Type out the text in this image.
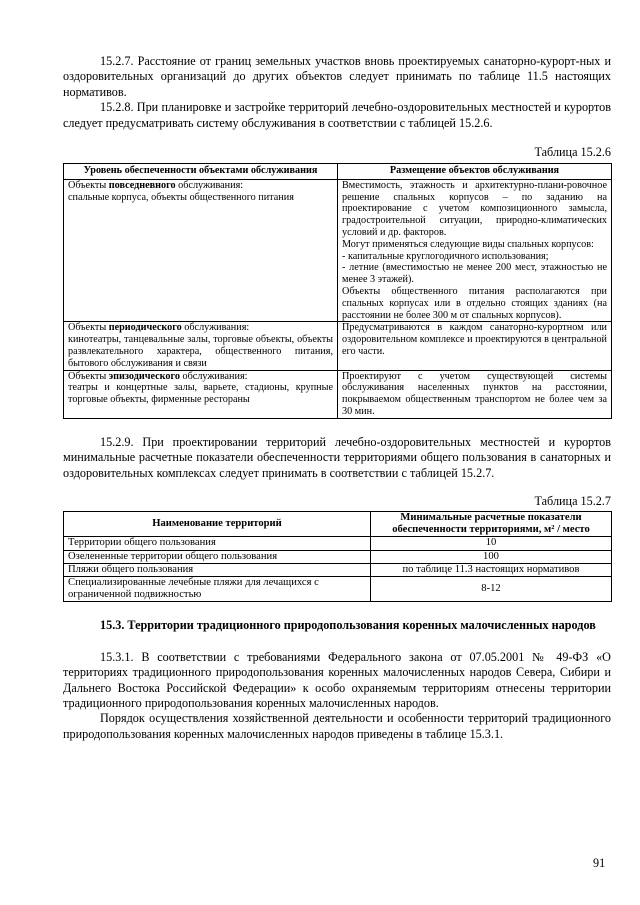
15.2.7. Расстояние от границ земельных участков вновь проектируемых санаторно-курорт-ных и оздоровительных организаций до других объектов следует принимать по таблице 11.5 настоящих нормативов.

15.2.8. При планировке и застройке территорий лечебно-оздоровительных местностей и курортов следует предусматривать систему обслуживания в соответствии с таблицей 15.2.6.

Таблица 15.2.6

Уровень обеспеченности объектами обслуживания	Размещение объектов обслуживания
Объекты повседневного обслуживания:
спальные корпуса, объекты общественного питания	Вместимость, этажность и архитектурно-плани-ровочное решение спальных корпусов – по заданию на проектирование с учетом композиционного замысла, градостроительной ситуации, природно-климатических условий и др. факторов.
Могут применяться следующие виды спальных корпусов:
- капитальные круглогодичного использования;
- летние (вместимостью не менее 200 мест, этажностью не менее 3 этажей).
Объекты общественного питания располагаются при спальных корпусах или в отдельно стоящих зданиях (на расстоянии не более 300 м от спальных корпусов).

Объекты периодического обслуживания:
кинотеатры, танцевальные залы, торговые объекты, объекты развлекательного характера, общественного питания, бытового обслуживания и связи	Предусматриваются в каждом санаторно-курортном или оздоровительном комплексе и проектируются в центральной его части.

Объекты эпизодического обслуживания:
театры и концертные залы, варьете, стадионы, крупные торговые объекты, фирменные рестораны	Проектируют с учетом существующей системы обслуживания населенных пунктов на расстоянии, покрываемом общественным транспортом не более чем за 30 мин.

15.2.9. При проектировании территорий лечебно-оздоровительных местностей и курортов минимальные расчетные показатели обеспеченности территориями общего пользования в санаторных и оздоровительных комплексах следует принимать в соответствии с таблицей 15.2.7.

Таблица 15.2.7

Наименование территорий	Минимальные расчетные показатели
обеспеченности территориями, м² / место

Территории общего пользования	10
Озелененные территории общего пользования	100
Пляжи общего пользования	по таблице 11.3 настоящих нормативов
Специализированные лечебные пляжи для лечащихся с ограниченной подвижностью	8-12

15.3. Территории традиционного природопользования коренных малочисленных народов

15.3.1. В соответствии с требованиями Федерального закона от 07.05.2001 № 49-ФЗ «О территориях традиционного природопользования коренных малочисленных народов Севера, Сибири и Дальнего Востока Российской Федерации» к особо охраняемым территориям отнесены территории традиционного природопользования коренных малочисленных народов.

Порядок осуществления хозяйственной деятельности и особенности территорий традиционного природопользования коренных малочисленных народов приведены в таблице 15.3.1.

91
